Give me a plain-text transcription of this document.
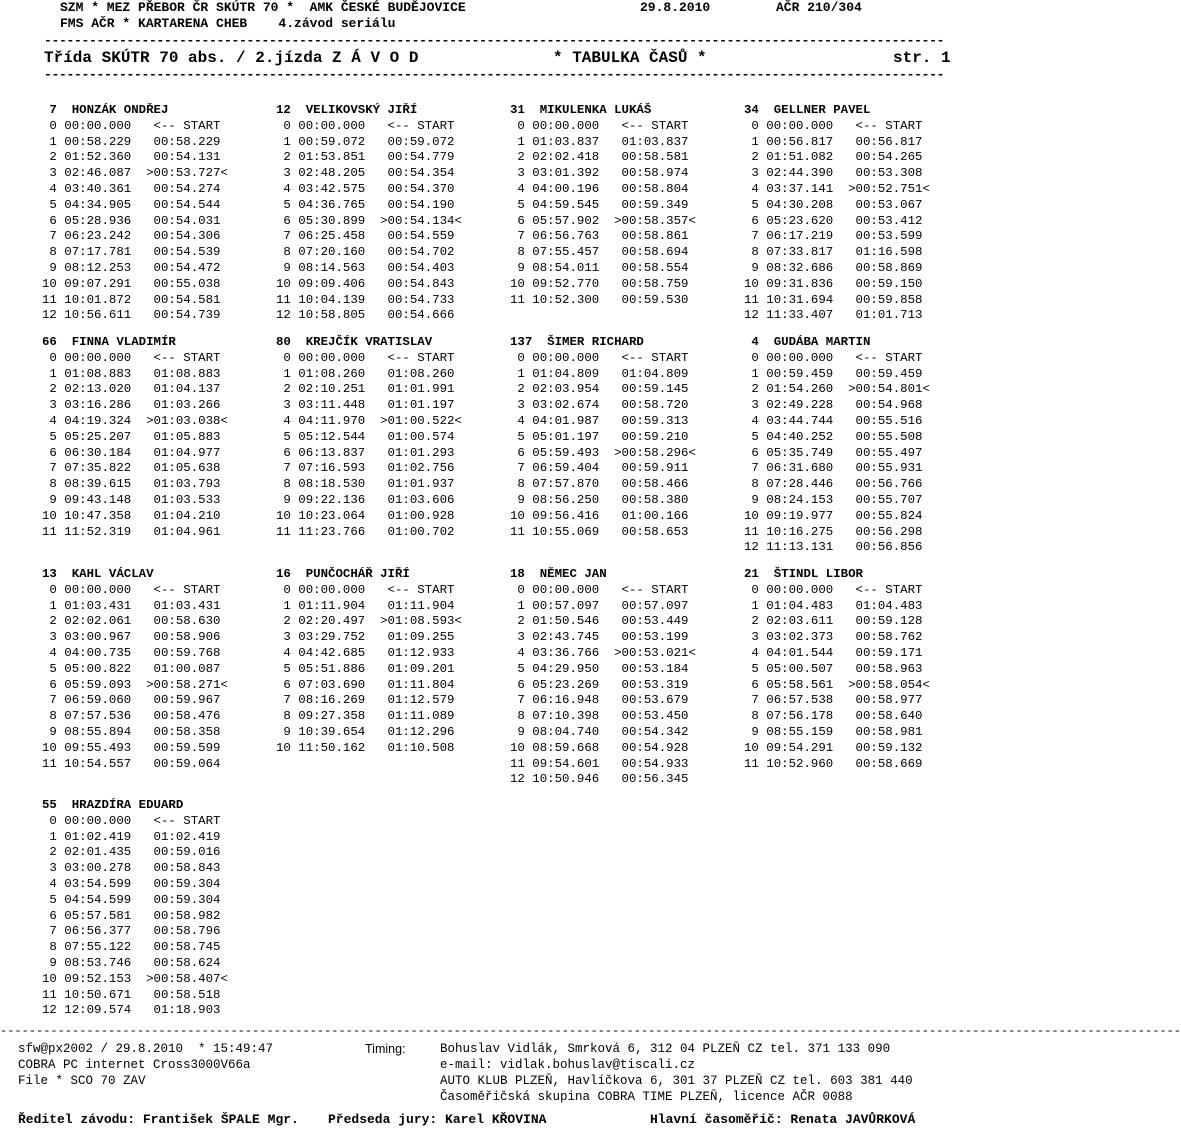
SZM * MEZ PŘEBOR ČR SKÚTR 70 *  AMK ČESKÉ BUDĚJOVICE	29.8.2010	AČR 210/304
FMS AČR * KARTARENA CHEB    4.závod seriálu
------------------------------------------------------------------------------------------------------------------------
Třída SKÚTR 70 abs. / 2.jízda Z Á V O D	* TABULKA ČASŮ *	str. 1
------------------------------------------------------------------------------------------------------------------------
7  HONZÁK ONDŘEJ
0 00:00.000   <-- START
1 00:58.229   00:58.229
2 01:52.360   00:54.131
3 02:46.087  >00:53.727<
4 03:40.361   00:54.274
5 04:34.905   00:54.544
6 05:28.936   00:54.031
7 06:23.242   00:54.306
8 07:17.781   00:54.539
9 08:12.253   00:54.472
10 09:07.291   00:55.038
11 10:01.872   00:54.581
12 10:56.611   00:54.739
12  VELIKOVSKÝ JIŘÍ
0 00:00.000   <-- START
1 00:59.072   00:59.072
2 01:53.851   00:54.779
3 02:48.205   00:54.354
4 03:42.575   00:54.370
5 04:36.765   00:54.190
6 05:30.899  >00:54.134<
7 06:25.458   00:54.559
8 07:20.160   00:54.702
9 08:14.563   00:54.403
10 09:09.406   00:54.843
11 10:04.139   00:54.733
12 10:58.805   00:54.666
31  MIKULENKA LUKÁŠ
0 00:00.000   <-- START
1 01:03.837   01:03.837
2 02:02.418   00:58.581
3 03:01.392   00:58.974
4 04:00.196   00:58.804
5 04:59.545   00:59.349
6 05:57.902  >00:58.357<
7 06:56.763   00:58.861
8 07:55.457   00:58.694
9 08:54.011   00:58.554
10 09:52.770   00:58.759
11 10:52.300   00:59.530
34  GELLNER PAVEL
0 00:00.000   <-- START
1 00:56.817   00:56.817
2 01:51.082   00:54.265
3 02:44.390   00:53.308
4 03:37.141  >00:52.751<
5 04:30.208   00:53.067
6 05:23.620   00:53.412
7 06:17.219   00:53.599
8 07:33.817   01:16.598
9 08:32.686   00:58.869
10 09:31.836   00:59.150
11 10:31.694   00:59.858
12 11:33.407   01:01.713
66  FINNA VLADIMÍR
0 00:00.000   <-- START
1 01:08.883   01:08.883
2 02:13.020   01:04.137
3 03:16.286   01:03.266
4 04:19.324  >01:03.038<
5 05:25.207   01:05.883
6 06:30.184   01:04.977
7 07:35.822   01:05.638
8 08:39.615   01:03.793
9 09:43.148   01:03.533
10 10:47.358   01:04.210
11 11:52.319   01:04.961
80  KREJČÍK VRATISLAV
0 00:00.000   <-- START
1 01:08.260   01:08.260
2 02:10.251   01:01.991
3 03:11.448   01:01.197
4 04:11.970  >01:00.522<
5 05:12.544   01:00.574
6 06:13.837   01:01.293
7 07:16.593   01:02.756
8 08:18.530   01:01.937
9 09:22.136   01:03.606
10 10:23.064   01:00.928
11 11:23.766   01:00.702
137  ŠIMER RICHARD
0 00:00.000   <-- START
1 01:04.809   01:04.809
2 02:03.954   00:59.145
3 03:02.674   00:58.720
4 04:01.987   00:59.313
5 05:01.197   00:59.210
6 05:59.493  >00:58.296<
7 06:59.404   00:59.911
8 07:57.870   00:58.466
9 08:56.250   00:58.380
10 09:56.416   01:00.166
11 10:55.069   00:58.653
4  GUDÁBA MARTIN
0 00:00.000   <-- START
1 00:59.459   00:59.459
2 01:54.260  >00:54.801<
3 02:49.228   00:54.968
4 03:44.744   00:55.516
5 04:40.252   00:55.508
6 05:35.749   00:55.497
7 06:31.680   00:55.931
8 07:28.446   00:56.766
9 08:24.153   00:55.707
10 09:19.977   00:55.824
11 10:16.275   00:56.298
12 11:13.131   00:56.856
13  KAHL VÁCLAV
0 00:00.000   <-- START
1 01:03.431   01:03.431
2 02:02.061   00:58.630
3 03:00.967   00:58.906
4 04:00.735   00:59.768
5 05:00.822   01:00.087
6 05:59.093  >00:58.271<
7 06:59.060   00:59.967
8 07:57.536   00:58.476
9 08:55.894   00:58.358
10 09:55.493   00:59.599
11 10:54.557   00:59.064
16  PUNČOCHÁŘ JIŘÍ
0 00:00.000   <-- START
1 01:11.904   01:11.904
2 02:20.497  >01:08.593<
3 03:29.752   01:09.255
4 04:42.685   01:12.933
5 05:51.886   01:09.201
6 07:03.690   01:11.804
7 08:16.269   01:12.579
8 09:27.358   01:11.089
9 10:39.654   01:12.296
10 11:50.162   01:10.508
18  NĚMEC JAN
0 00:00.000   <-- START
1 00:57.097   00:57.097
2 01:50.546   00:53.449
3 02:43.745   00:53.199
4 03:36.766  >00:53.021<
5 04:29.950   00:53.184
6 05:23.269   00:53.319
7 06:16.948   00:53.679
8 07:10.398   00:53.450
9 08:04.740   00:54.342
10 08:59.668   00:54.928
11 09:54.601   00:54.933
12 10:50.946   00:56.345
21  ŠTINDL LIBOR
0 00:00.000   <-- START
1 01:04.483   01:04.483
2 02:03.611   00:59.128
3 03:02.373   00:58.762
4 04:01.544   00:59.171
5 05:00.507   00:58.963
6 05:58.561  >00:58.054<
7 06:57.538   00:58.977
8 07:56.178   00:58.640
9 08:55.159   00:58.981
10 09:54.291   00:59.132
11 10:52.960   00:58.669
55  HRAZDÍRA EDUARD
0 00:00.000   <-- START
1 01:02.419   01:02.419
2 02:01.435   00:59.016
3 03:00.278   00:58.843
4 03:54.599   00:59.304
5 04:54.599   00:59.304
6 05:57.581   00:58.982
7 06:56.377   00:58.796
8 07:55.122   00:58.745
9 08:53.746   00:58.624
10 09:52.153  >00:58.407<
11 10:50.671   00:58.518
12 12:09.574   01:18.903
--------------------------------------------------------------------------------------------------------------------------------------------------------------------
sfw@px2002 / 29.8.2010  * 15:49:47
COBRA PC internet Cross3000V66a
File * SCO 70 ZAV
Timing:	Bohuslav Vidlák, Smrková 6, 312 04 PLZEŇ CZ tel. 371 133 090
e-mail: vidlak.bohuslav@tiscali.cz
AUTO KLUB PLZEŇ, Havlíčkova 6, 301 37 PLZEŇ CZ tel. 603 381 440
Časoměřičská skupina COBRA TIME PLZEŇ, licence AČR 0088
Ředitel závodu: František ŠPALE Mgr. Předseda jury: Karel KŘOVINA	Hlavní časoměřič: Renata JAVŮRKOVÁ
